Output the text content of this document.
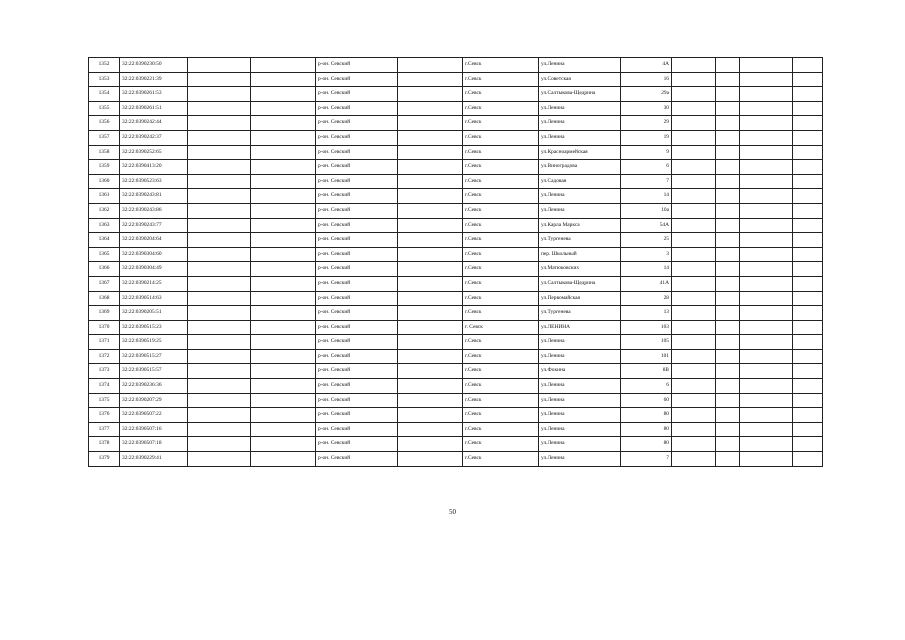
1352	32:22:0390230:50			р-он. Севский		г.Севск	ул.Ленина	4А				
1353	32:22:0390221:39			р-он. Севский		г.Севск	ул.Советская	16				
1354	32:22:0390261:53			р-он. Севский		г.Севск	ул.Салтыкова-Щедрина	29а				
1355	32:22:0390261:51			р-он. Севский		г.Севск	ул.Ленина	30				
1356	32:22:0390242:44			р-он. Севский		г.Севск	ул.Ленина	29				
1357	32:22:0390242:37			р-он. Севский		г.Севск	ул.Ленина	19				
1358	32:22:0390252:65			р-он. Севский		г.Севск	ул.Красноармейская	9				
1359	32:22:0390413:20			р-он. Севский		г.Севск	ул.Виноградова	6				
1360	32:22:0390523:63			р-он. Севский		г.Севск	ул.Садовая	7				
1361	32:22:0390243:81			р-он. Севский		г.Севск	ул.Ленина	14				
1362	32:22:0390243:86			р-он. Севский		г.Севск	ул.Ленина	10а				
1363	32:22:0390243:77			р-он. Севский		г.Севск	ул.Карла Маркса	54А				
1364	32:22:0390204:64			р-он. Севский		г.Севск	ул.Тургенева	25				
1365	32:22:0390304:60			р-он. Севский		г.Севск	пер. Школьный	3				
1366	32:22:0390304:49			р-он. Севский		г.Севск	ул.Матюковских	14				
1367	32:22:0390214:25			р-он. Севский		г.Севск	ул.Салтыкова-Щедрина	41А				
1368	32:22:0390514:63			р-он. Севский		г.Севск	ул.Первомайская	28				
1369	32:22:0390205:51			р-он. Севский		г.Севск	ул.Тургенева	13				
1370	32:22:0390515:23			р-он. Севский		г. Севск	ул.ЛЕНИНА	103				
1371	32:22:0390519:25			р-он. Севский		г.Севск	ул.Ленина	105				
1372	32:22:0390515:27			р-он. Севский		г.Севск	ул.Ленина	101				
1373	32:22:0390515:57			р-он. Севский		г.Севск	ул.Фокина	8В				
1374	32:22:0390236:36			р-он. Севский		г.Севск	ул.Ленина	6				
1375	32:22:0390207:29			р-он. Севский		г.Севск	ул.Ленина	60				
1376	32:22:0390507:22			р-он. Севский		г.Севск	ул.Ленина	80				
1377	32:22:0390507:16			р-он. Севский		г.Севск	ул.Ленина	80				
1378	32:22:0390507:18			р-он. Севский		г.Севск	ул.Ленина	80				
1379	32:22:0390229:41			р-он. Севский		г.Севск	ул.Ленина	7				
50
